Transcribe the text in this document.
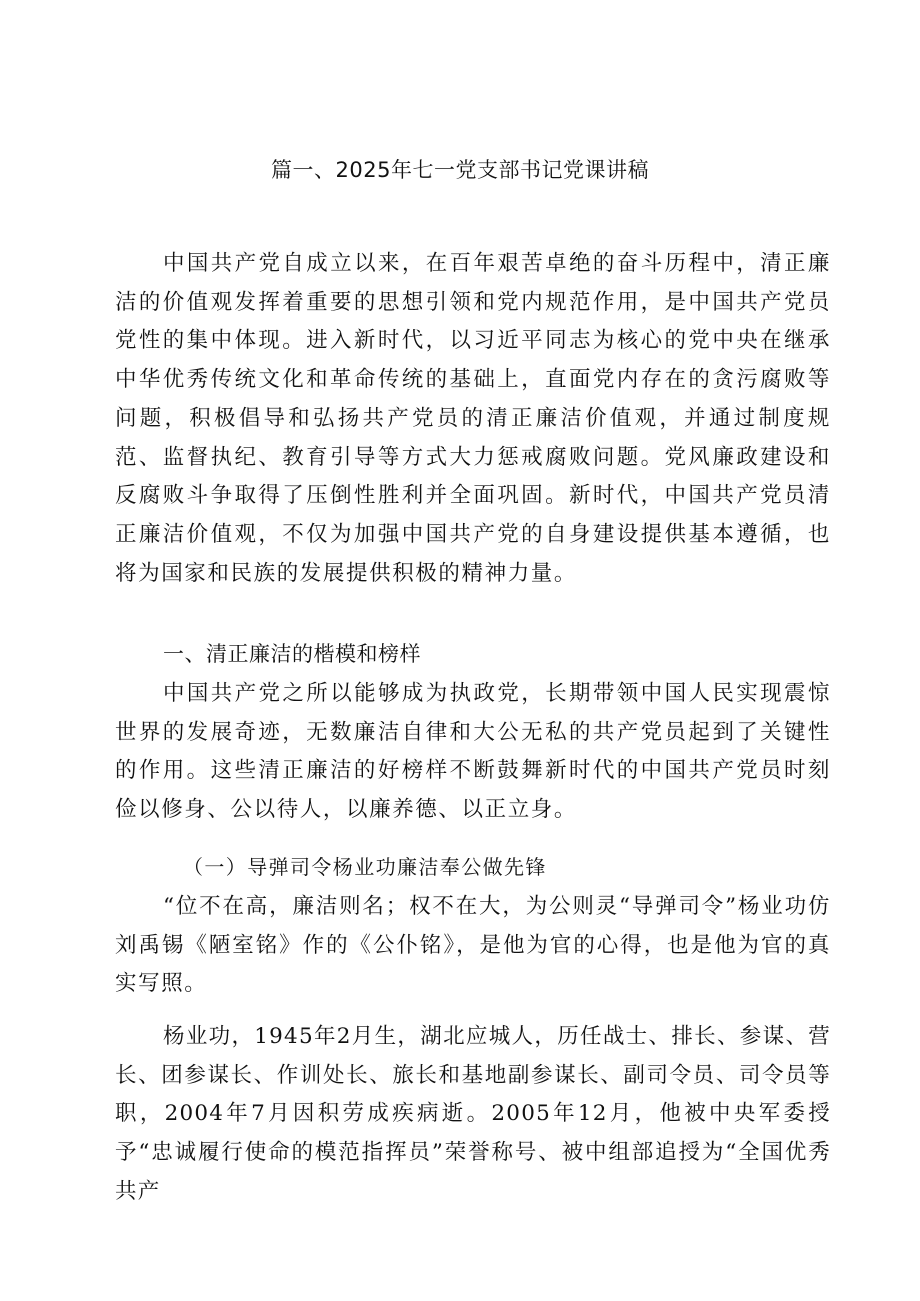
篇一、2025年七一党支部书记党课讲稿

中国共产党自成立以来，在百年艰苦卓绝的奋斗历程中，清正廉洁的价值观发挥着重要的思想引领和党内规范作用，是中国共产党员党性的集中体现。进入新时代，以习近平同志为核心的党中央在继承中华优秀传统文化和革命传统的基础上，直面党内存在的贪污腐败等问题，积极倡导和弘扬共产党员的清正廉洁价值观，并通过制度规范、监督执纪、教育引导等方式大力惩戒腐败问题。党风廉政建设和反腐败斗争取得了压倒性胜利并全面巩固。新时代，中国共产党员清正廉洁价值观，不仅为加强中国共产党的自身建设提供基本遵循，也将为国家和民族的发展提供积极的精神力量。

一、清正廉洁的楷模和榜样

中国共产党之所以能够成为执政党，长期带领中国人民实现震惊世界的发展奇迹，无数廉洁自律和大公无私的共产党员起到了关键性的作用。这些清正廉洁的好榜样不断鼓舞新时代的中国共产党员时刻俭以修身、公以待人，以廉养德、以正立身。

（一）导弹司令杨业功廉洁奉公做先锋

“位不在高，廉洁则名；权不在大，为公则灵“导弹司令”杨业功仿刘禹锡《陋室铭》作的《公仆铭》，是他为官的心得，也是他为官的真实写照。

杨业功，1945年2月生，湖北应城人，历任战士、排长、参谋、营长、团参谋长、作训处长、旅长和基地副参谋长、副司令员、司令员等职，2004年7月因积劳成疾病逝。2005年12月，他被中央军委授予“忠诚履行使命的模范指挥员”荣誉称号、被中组部追授为“全国优秀共产
